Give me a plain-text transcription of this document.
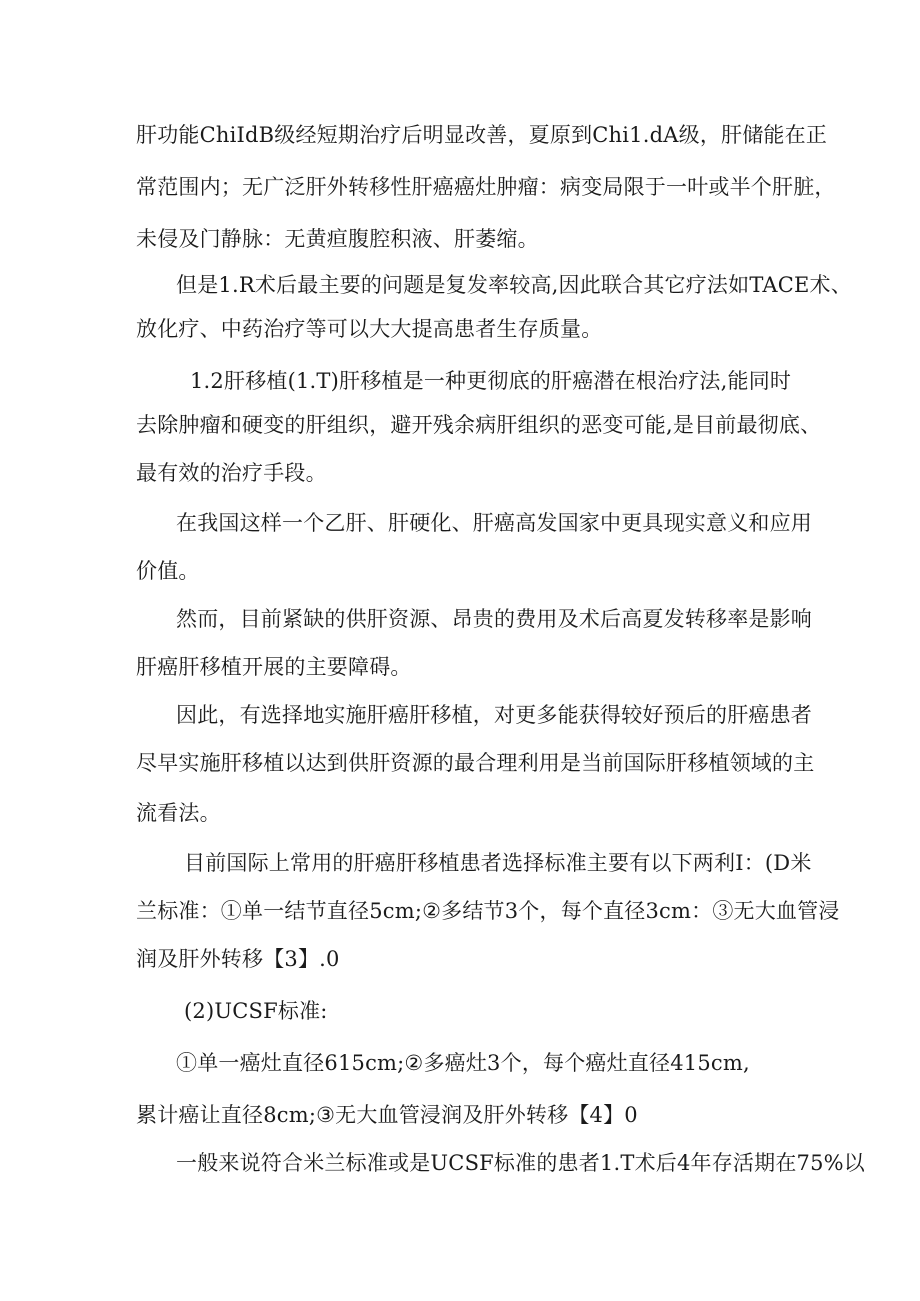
肝功能ChiIdB级经短期治疗后明显改善，夏原到Chi1.dA级，肝储能在正

常范围内；无广泛肝外转移性肝癌癌灶肿瘤：病变局限于一叶或半个肝脏，

未侵及门静脉：无黄疸腹腔积液、肝萎缩。

但是1.R术后最主要的问题是复发率较高,因此联合其它疗法如TACE术、

放化疗、中药治疗等可以大大提高患者生存质量。

1.2肝移植(1.T)肝移植是一种更彻底的肝癌潜在根治疗法,能同时

去除肿瘤和硬变的肝组织，避开残余病肝组织的恶变可能,是目前最彻底、

最有效的治疗手段。

在我国这样一个乙肝、肝硬化、肝癌高发国家中更具现实意义和应用

价值。

然而，目前紧缺的供肝资源、昂贵的费用及术后高夏发转移率是影响

肝癌肝移植开展的主要障碍。

因此，有选择地实施肝癌肝移植，对更多能获得较好预后的肝癌患者

尽早实施肝移植以达到供肝资源的最合理利用是当前国际肝移植领域的主

流看法。

目前国际上常用的肝癌肝移植患者选择标准主要有以下两利I：(D米

兰标准：①单一结节直径5cm;②多结节3个，每个直径3cm：③无大血管浸

润及肝外转移【3】.0

(2)UCSF标准:

①单一癌灶直径615cm;②多癌灶3个，每个癌灶直径415cm,

累计癌让直径8cm;③无大血管浸润及肝外转移【4】0

一般来说符合米兰标准或是UCSF标准的患者1.T术后4年存活期在75%以
